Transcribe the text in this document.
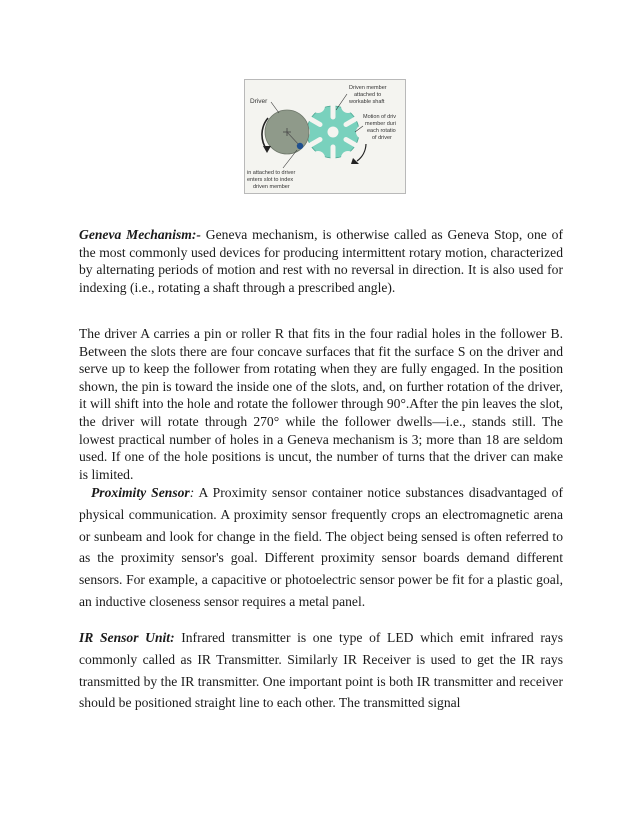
Driver
Driven member
attached to
workable shaft
Motion of driv
member duri
each rotatio
of driver
in attached to driver
enters slot to index
driven member

Geneva Mechanism:- Geneva mechanism, is otherwise called as Geneva Stop, one of the most commonly used devices for producing intermittent rotary motion, characterized by alternating periods of motion and rest with no reversal in direction. It is also used for indexing (i.e., rotating a shaft through a prescribed angle).

The driver A carries a pin or roller R that fits in the four radial holes in the follower B. Between the slots there are four concave surfaces that fit the surface S on the driver and serve up to keep the follower from rotating when they are fully engaged. In the position shown, the pin is toward the inside one of the slots, and, on further rotation of the driver, it will shift into the hole and rotate the follower through 90°.After the pin leaves the slot, the driver will rotate through 270° while the follower dwells—i.e., stands still. The lowest practical number of holes in a Geneva mechanism is 3; more than 18 are seldom used. If one of the hole positions is uncut, the number of turns that the driver can make is limited.

Proximity Sensor: A Proximity sensor container notice substances disadvantaged of physical communication. A proximity sensor frequently crops an electromagnetic arena or sunbeam and look for change in the field. The object being sensed is often referred to as the proximity sensor's goal. Different proximity sensor boards demand different sensors. For example, a capacitive or photoelectric sensor power be fit for a plastic goal, an inductive closeness sensor requires a metal panel.

IR Sensor Unit: Infrared transmitter is one type of LED which emit infrared rays commonly called as IR Transmitter. Similarly IR Receiver is used to get the IR rays transmitted by the IR transmitter. One important point is both IR transmitter and receiver should be positioned straight line to each other. The transmitted signal
